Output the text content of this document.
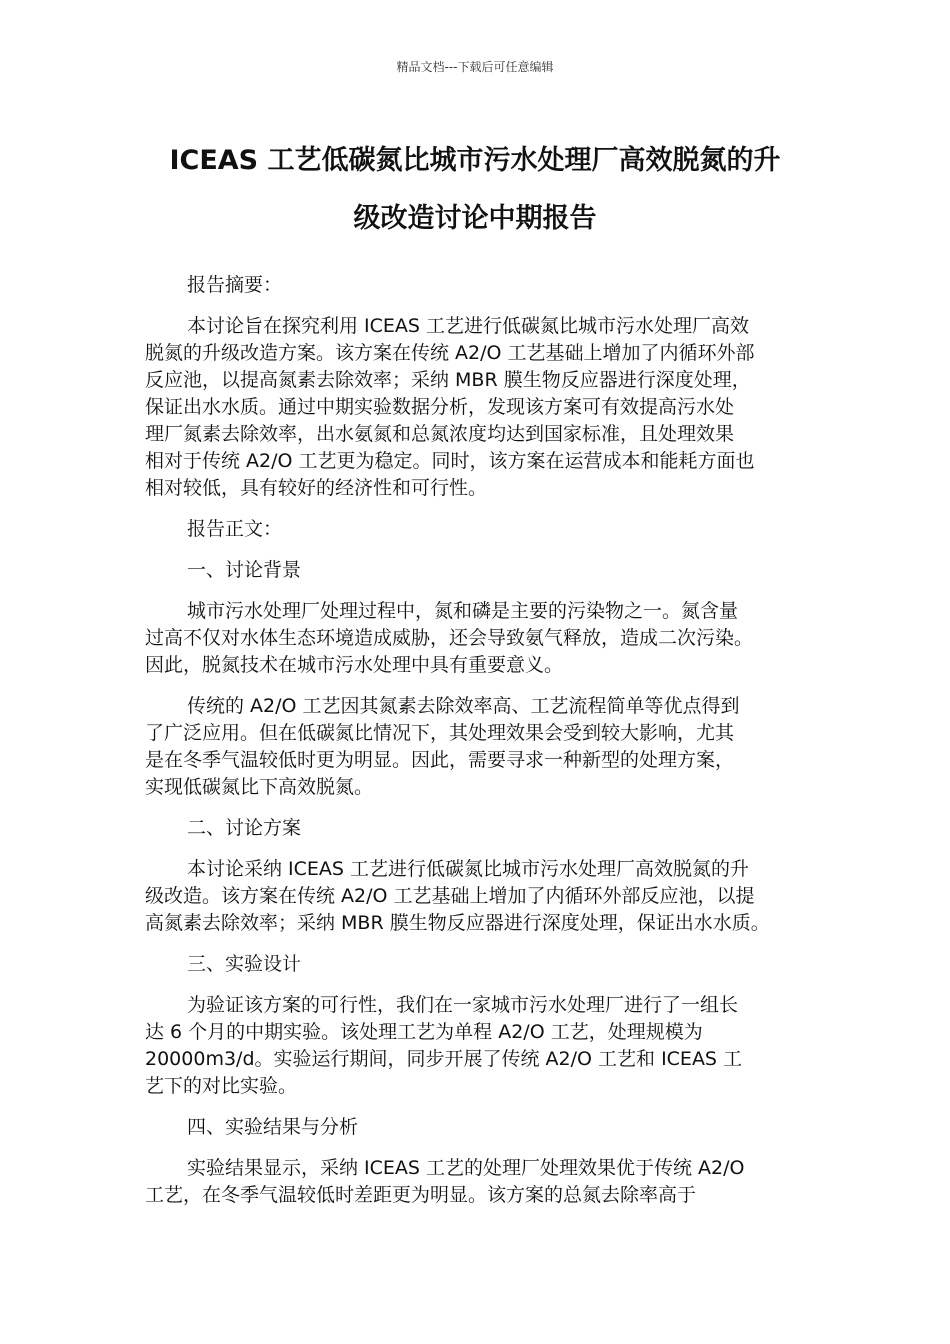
精品文档---下载后可任意编辑
ICEAS 工艺低碳氮比城市污水处理厂高效脱氮的升
级改造讨论中期报告
报告摘要：
本讨论旨在探究利用 ICEAS 工艺进行低碳氮比城市污水处理厂高效
脱氮的升级改造方案。该方案在传统 A2/O 工艺基础上增加了内循环外部
反应池，以提高氮素去除效率；采纳 MBR 膜生物反应器进行深度处理，
保证出水水质。通过中期实验数据分析，发现该方案可有效提高污水处
理厂氮素去除效率，出水氨氮和总氮浓度均达到国家标准，且处理效果
相对于传统 A2/O 工艺更为稳定。同时，该方案在运营成本和能耗方面也
相对较低，具有较好的经济性和可行性。
报告正文：
一、讨论背景
城市污水处理厂处理过程中，氮和磷是主要的污染物之一。氮含量
过高不仅对水体生态环境造成威胁，还会导致氨气释放，造成二次污染。
因此，脱氮技术在城市污水处理中具有重要意义。
传统的 A2/O 工艺因其氮素去除效率高、工艺流程简单等优点得到
了广泛应用。但在低碳氮比情况下，其处理效果会受到较大影响，尤其
是在冬季气温较低时更为明显。因此，需要寻求一种新型的处理方案，
实现低碳氮比下高效脱氮。
二、讨论方案
本讨论采纳 ICEAS 工艺进行低碳氮比城市污水处理厂高效脱氮的升
级改造。该方案在传统 A2/O 工艺基础上增加了内循环外部反应池，以提
高氮素去除效率；采纳 MBR 膜生物反应器进行深度处理，保证出水水质。
三、实验设计
为验证该方案的可行性，我们在一家城市污水处理厂进行了一组长
达 6 个月的中期实验。该处理工艺为单程 A2/O 工艺，处理规模为
20000m3/d。实验运行期间，同步开展了传统 A2/O 工艺和 ICEAS 工
艺下的对比实验。
四、实验结果与分析
实验结果显示，采纳 ICEAS 工艺的处理厂处理效果优于传统 A2/O
工艺，在冬季气温较低时差距更为明显。该方案的总氮去除率高于
